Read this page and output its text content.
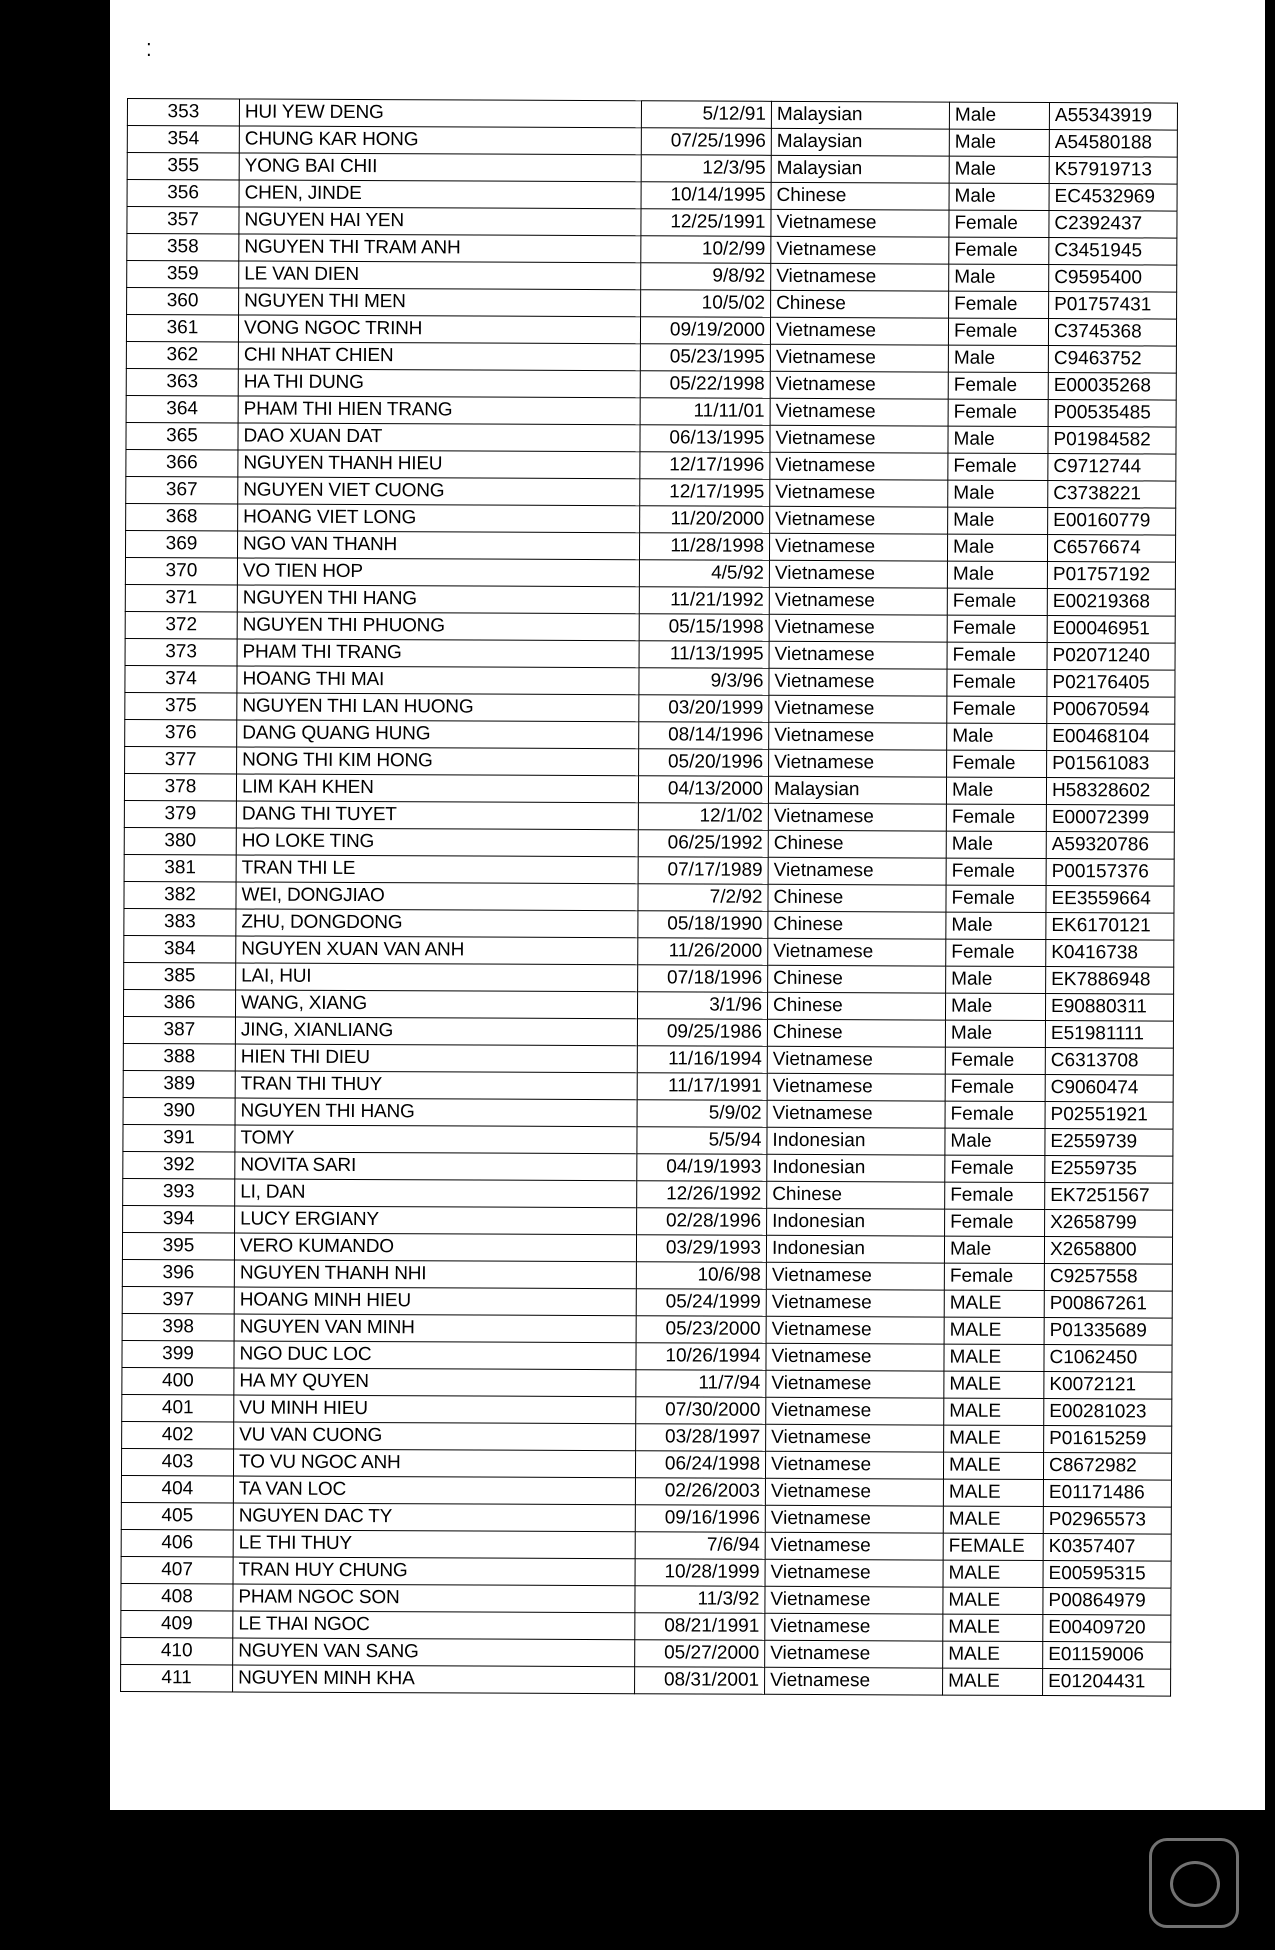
⁚
353	HUI YEW DENG	5/12/91	Malaysian	Male	A55343919
354	CHUNG KAR HONG	07/25/1996	Malaysian	Male	A54580188
355	YONG BAI CHII	12/3/95	Malaysian	Male	K57919713
356	CHEN, JINDE	10/14/1995	Chinese	Male	EC4532969
357	NGUYEN HAI YEN	12/25/1991	Vietnamese	Female	C2392437
358	NGUYEN THI TRAM ANH	10/2/99	Vietnamese	Female	C3451945
359	LE VAN DIEN	9/8/92	Vietnamese	Male	C9595400
360	NGUYEN THI MEN	10/5/02	Chinese	Female	P01757431
361	VONG NGOC TRINH	09/19/2000	Vietnamese	Female	C3745368
362	CHI NHAT CHIEN	05/23/1995	Vietnamese	Male	C9463752
363	HA THI DUNG	05/22/1998	Vietnamese	Female	E00035268
364	PHAM THI HIEN TRANG	11/11/01	Vietnamese	Female	P00535485
365	DAO XUAN DAT	06/13/1995	Vietnamese	Male	P01984582
366	NGUYEN THANH HIEU	12/17/1996	Vietnamese	Female	C9712744
367	NGUYEN VIET CUONG	12/17/1995	Vietnamese	Male	C3738221
368	HOANG VIET LONG	11/20/2000	Vietnamese	Male	E00160779
369	NGO VAN THANH	11/28/1998	Vietnamese	Male	C6576674
370	VO TIEN HOP	4/5/92	Vietnamese	Male	P01757192
371	NGUYEN THI HANG	11/21/1992	Vietnamese	Female	E00219368
372	NGUYEN THI PHUONG	05/15/1998	Vietnamese	Female	E00046951
373	PHAM THI TRANG	11/13/1995	Vietnamese	Female	P02071240
374	HOANG THI MAI	9/3/96	Vietnamese	Female	P02176405
375	NGUYEN THI LAN HUONG	03/20/1999	Vietnamese	Female	P00670594
376	DANG QUANG HUNG	08/14/1996	Vietnamese	Male	E00468104
377	NONG THI KIM HONG	05/20/1996	Vietnamese	Female	P01561083
378	LIM KAH KHEN	04/13/2000	Malaysian	Male	H58328602
379	DANG THI TUYET	12/1/02	Vietnamese	Female	E00072399
380	HO LOKE TING	06/25/1992	Chinese	Male	A59320786
381	TRAN THI LE	07/17/1989	Vietnamese	Female	P00157376
382	WEI, DONGJIAO	7/2/92	Chinese	Female	EE3559664
383	ZHU, DONGDONG	05/18/1990	Chinese	Male	EK6170121
384	NGUYEN XUAN VAN ANH	11/26/2000	Vietnamese	Female	K0416738
385	LAI, HUI	07/18/1996	Chinese	Male	EK7886948
386	WANG, XIANG	3/1/96	Chinese	Male	E90880311
387	JING, XIANLIANG	09/25/1986	Chinese	Male	E51981111
388	HIEN THI DIEU	11/16/1994	Vietnamese	Female	C6313708
389	TRAN THI THUY	11/17/1991	Vietnamese	Female	C9060474
390	NGUYEN THI HANG	5/9/02	Vietnamese	Female	P02551921
391	TOMY	5/5/94	Indonesian	Male	E2559739
392	NOVITA SARI	04/19/1993	Indonesian	Female	E2559735
393	LI, DAN	12/26/1992	Chinese	Female	EK7251567
394	LUCY ERGIANY	02/28/1996	Indonesian	Female	X2658799
395	VERO KUMANDO	03/29/1993	Indonesian	Male	X2658800
396	NGUYEN THANH NHI	10/6/98	Vietnamese	Female	C9257558
397	HOANG MINH HIEU	05/24/1999	Vietnamese	MALE	P00867261
398	NGUYEN VAN MINH	05/23/2000	Vietnamese	MALE	P01335689
399	NGO DUC LOC	10/26/1994	Vietnamese	MALE	C1062450
400	HA MY QUYEN	11/7/94	Vietnamese	MALE	K0072121
401	VU MINH HIEU	07/30/2000	Vietnamese	MALE	E00281023
402	VU VAN CUONG	03/28/1997	Vietnamese	MALE	P01615259
403	TO VU NGOC ANH	06/24/1998	Vietnamese	MALE	C8672982
404	TA VAN LOC	02/26/2003	Vietnamese	MALE	E01171486
405	NGUYEN DAC TY	09/16/1996	Vietnamese	MALE	P02965573
406	LE THI THUY	7/6/94	Vietnamese	FEMALE	K0357407
407	TRAN HUY CHUNG	10/28/1999	Vietnamese	MALE	E00595315
408	PHAM NGOC SON	11/3/92	Vietnamese	MALE	P00864979
409	LE THAI NGOC	08/21/1991	Vietnamese	MALE	E00409720
410	NGUYEN VAN SANG	05/27/2000	Vietnamese	MALE	E01159006
411	NGUYEN MINH KHA	08/31/2001	Vietnamese	MALE	E01204431
